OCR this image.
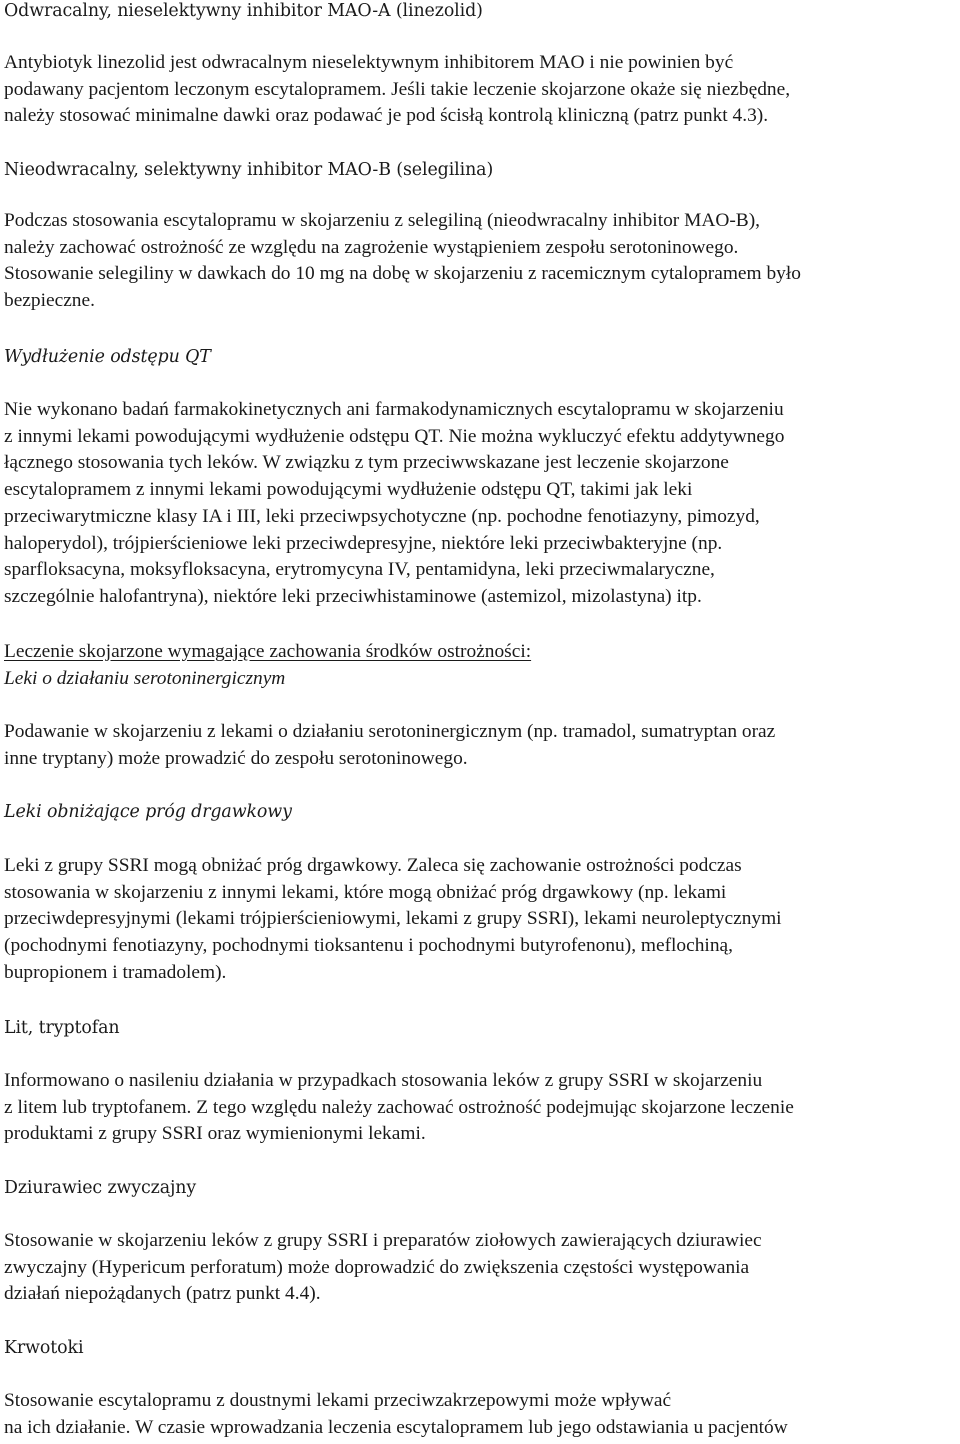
Odwracalny, nieselektywny inhibitor MAO-A (linezolid)

Antybiotyk linezolid jest odwracalnym nieselektywnym inhibitorem MAO i nie powinien być
podawany pacjentom leczonym escytalopramem. Jeśli takie leczenie skojarzone okaże się niezbędne,
należy stosować minimalne dawki oraz podawać je pod ścisłą kontrolą kliniczną (patrz punkt 4.3).

Nieodwracalny, selektywny inhibitor MAO-B (selegilina)

Podczas stosowania escytalopramu w skojarzeniu z selegiliną (nieodwracalny inhibitor MAO-B),
należy zachować ostrożność ze względu na zagrożenie wystąpieniem zespołu serotoninowego.
Stosowanie selegiliny w dawkach do 10 mg na dobę w skojarzeniu z racemicznym cytalopramem było
bezpieczne.

Wydłużenie odstępu QT

Nie wykonano badań farmakokinetycznych ani farmakodynamicznych escytalopramu w skojarzeniu
z innymi lekami powodującymi wydłużenie odstępu QT. Nie można wykluczyć efektu addytywnego
łącznego stosowania tych leków. W związku z tym przeciwwskazane jest leczenie skojarzone
escytalopramem z innymi lekami powodującymi wydłużenie odstępu QT, takimi jak leki
przeciwarytmiczne klasy IA i III, leki przeciwpsychotyczne (np. pochodne fenotiazyny, pimozyd,
haloperydol), trójpierścieniowe leki przeciwdepresyjne, niektóre leki przeciwbakteryjne (np.
sparfloksacyna, moksyfloksacyna, erytromycyna IV, pentamidyna, leki przeciwmalaryczne,
szczególnie halofantryna), niektóre leki przeciwhistaminowe (astemizol, mizolastyna) itp.

Leczenie skojarzone wymagające zachowania środków ostrożności:

Leki o działaniu serotoninergicznym

Podawanie w skojarzeniu z lekami o działaniu serotoninergicznym (np. tramadol, sumatryptan oraz
inne tryptany) może prowadzić do zespołu serotoninowego.

Leki obniżające próg drgawkowy

Leki z grupy SSRI mogą obniżać próg drgawkowy. Zaleca się zachowanie ostrożności podczas
stosowania w skojarzeniu z innymi lekami, które mogą obniżać próg drgawkowy (np. lekami
przeciwdepresyjnymi (lekami trójpierścieniowymi, lekami z grupy SSRI), lekami neuroleptycznymi
(pochodnymi fenotiazyny, pochodnymi tioksantenu i pochodnymi butyrofenonu), meflochiną,
bupropionem i tramadolem).

Lit, tryptofan

Informowano o nasileniu działania w przypadkach stosowania leków z grupy SSRI w skojarzeniu
z litem lub tryptofanem. Z tego względu należy zachować ostrożność podejmując skojarzone leczenie
produktami z grupy SSRI oraz wymienionymi lekami.

Dziurawiec zwyczajny

Stosowanie w skojarzeniu leków z grupy SSRI i preparatów ziołowych zawierających dziurawiec
zwyczajny (Hypericum perforatum) może doprowadzić do zwiększenia częstości występowania
działań niepożądanych (patrz punkt 4.4).

Krwotoki

Stosowanie escytalopramu z doustnymi lekami przeciwzakrzepowymi może wpływać
na ich działanie. W czasie wprowadzania leczenia escytalopramem lub jego odstawiania u pacjentów
